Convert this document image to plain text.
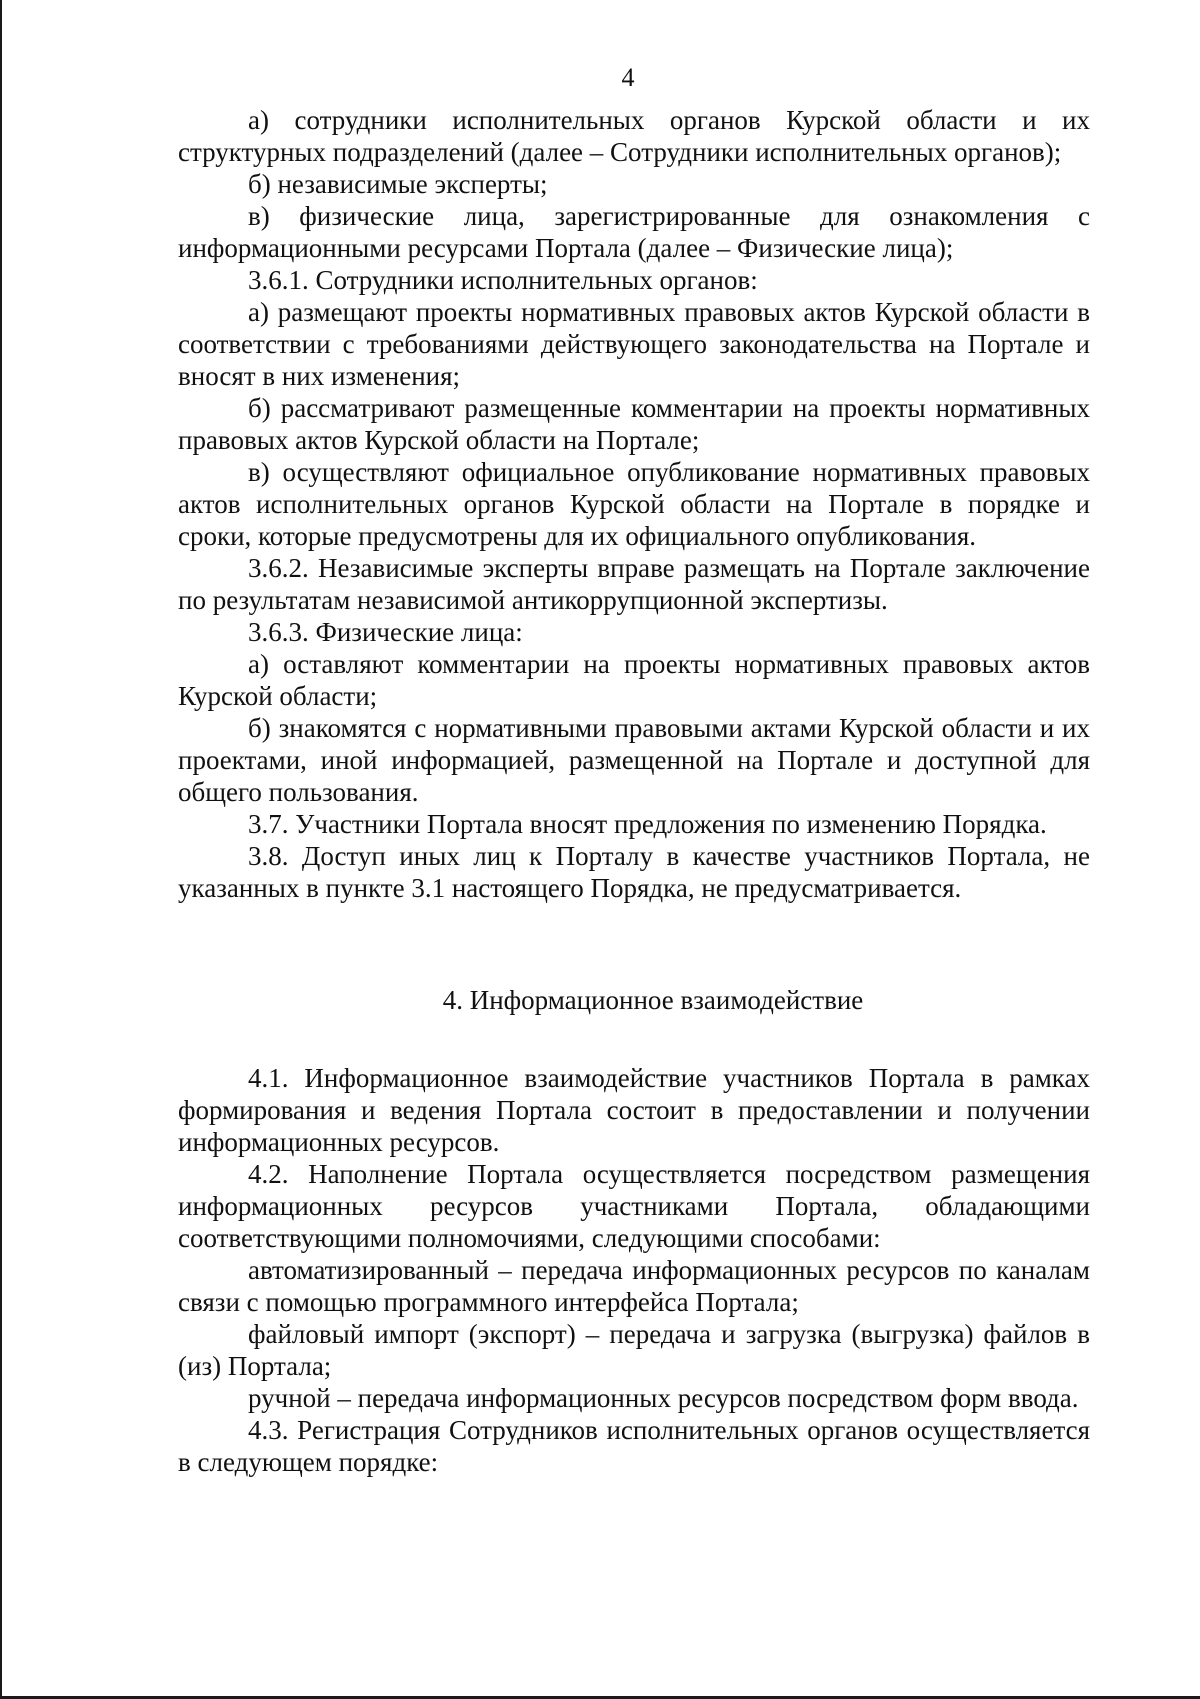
4

а) сотрудники исполнительных органов Курской области и их структурных подразделений (далее – Сотрудники исполнительных органов);

б) независимые эксперты;

в) физические лица, зарегистрированные для ознакомления с информационными ресурсами Портала (далее – Физические лица);

3.6.1. Сотрудники исполнительных органов:

а) размещают проекты нормативных правовых актов Курской области в соответствии с требованиями действующего законодательства на Портале и вносят в них изменения;

б) рассматривают размещенные комментарии на проекты нормативных правовых актов Курской области на Портале;

в) осуществляют официальное опубликование нормативных правовых актов исполнительных органов Курской области на Портале в порядке и сроки, которые предусмотрены для их официального опубликования.

3.6.2. Независимые эксперты вправе размещать на Портале заключение по результатам независимой антикоррупционной экспертизы.

3.6.3. Физические лица:

а) оставляют комментарии на проекты нормативных правовых актов Курской области;

б) знакомятся с нормативными правовыми актами Курской области и их проектами, иной информацией, размещенной на Портале и доступной для общего пользования.

3.7. Участники Портала вносят предложения по изменению Порядка.

3.8. Доступ иных лиц к Порталу в качестве участников Портала, не указанных в пункте 3.1 настоящего Порядка, не предусматривается.

4. Информационное взаимодействие

4.1. Информационное взаимодействие участников Портала в рамках формирования и ведения Портала состоит в предоставлении и получении информационных ресурсов.

4.2. Наполнение Портала осуществляется посредством размещения информационных ресурсов участниками Портала, обладающими соответствующими полномочиями, следующими способами:

автоматизированный – передача информационных ресурсов по каналам связи с помощью программного интерфейса Портала;

файловый импорт (экспорт) – передача и загрузка (выгрузка) файлов в (из) Портала;

ручной – передача информационных ресурсов посредством форм ввода.

4.3. Регистрация Сотрудников исполнительных органов осуществляется в следующем порядке:
